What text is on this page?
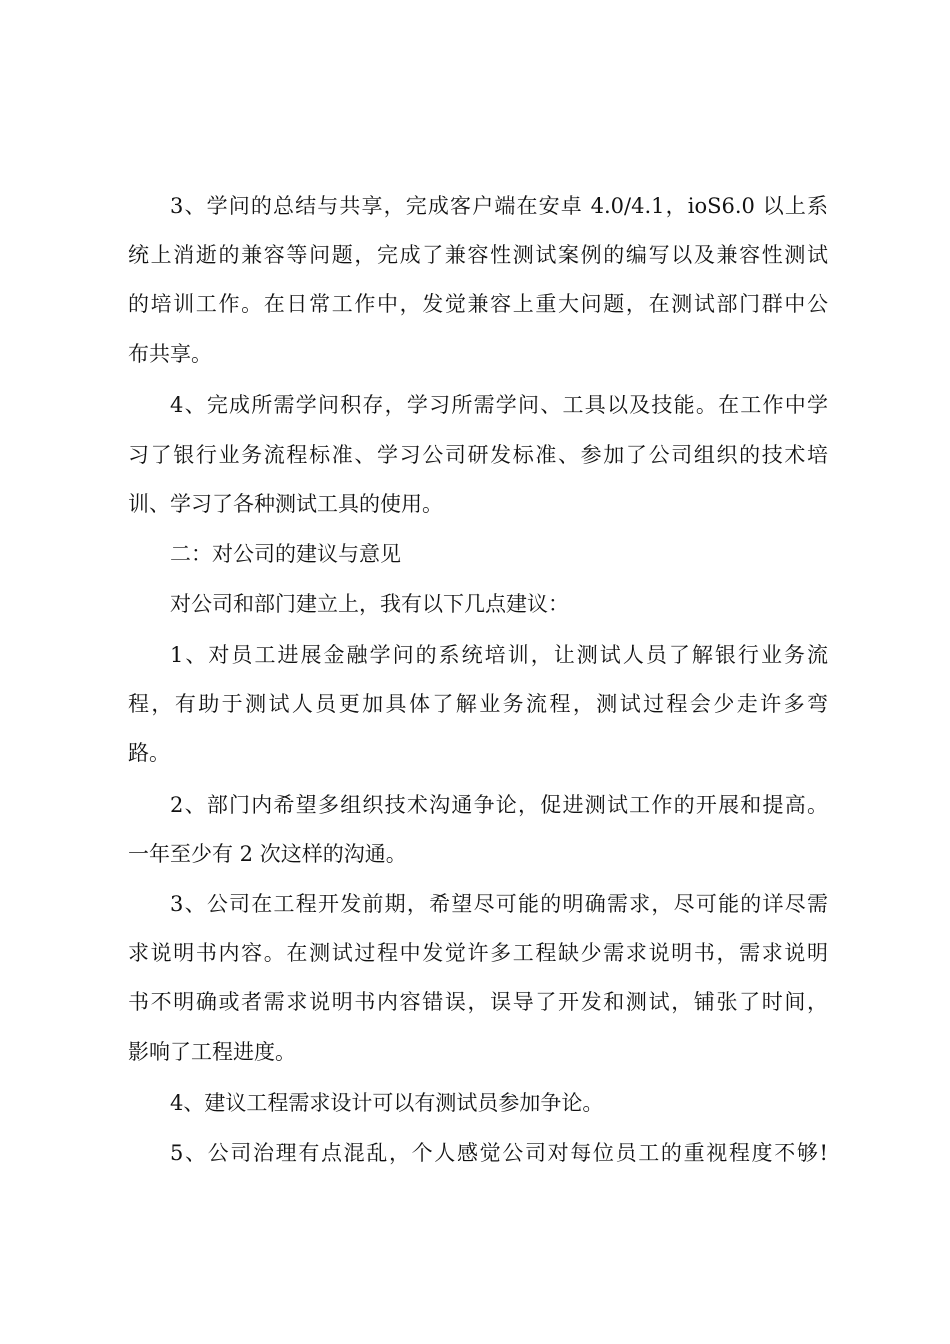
3、学问的总结与共享，完成客户端在安卓 4.0/4.1，ioS6.0 以上系
统上消逝的兼容等问题，完成了兼容性测试案例的编写以及兼容性测试
的培训工作。在日常工作中，发觉兼容上重大问题，在测试部门群中公
布共享。
4、完成所需学问积存，学习所需学问、工具以及技能。在工作中学
习了银行业务流程标准、学习公司研发标准、参加了公司组织的技术培
训、学习了各种测试工具的使用。
二：对公司的建议与意见
对公司和部门建立上，我有以下几点建议：
1、对员工进展金融学问的系统培训，让测试人员了解银行业务流
程，有助于测试人员更加具体了解业务流程，测试过程会少走许多弯
路。
2、部门内希望多组织技术沟通争论，促进测试工作的开展和提高。
一年至少有 2 次这样的沟通。
3、公司在工程开发前期，希望尽可能的明确需求，尽可能的详尽需
求说明书内容。在测试过程中发觉许多工程缺少需求说明书，需求说明
书不明确或者需求说明书内容错误，误导了开发和测试，铺张了时间，
影响了工程进度。
4、建议工程需求设计可以有测试员参加争论。
5、公司治理有点混乱，个人感觉公司对每位员工的重视程度不够!
